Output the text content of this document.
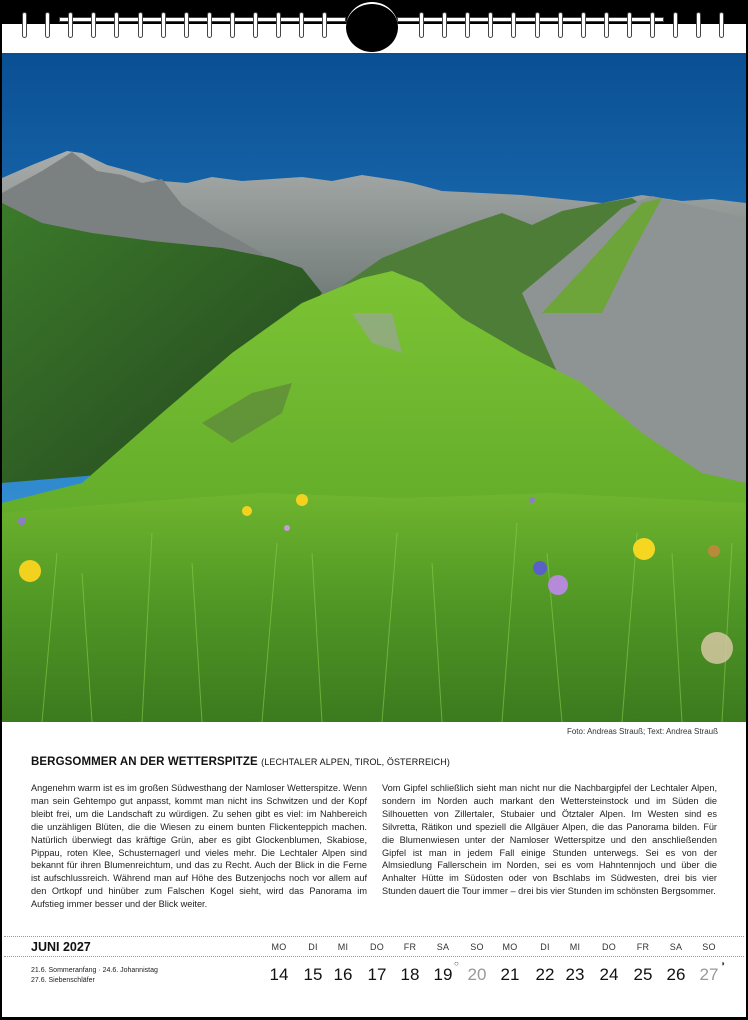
Foto: Andreas Strauß; Text: Andrea Strauß
BERGSOMMER AN DER WETTERSPITZE (LECHTALER ALPEN, TIROL, ÖSTERREICH)

Angenehm warm ist es im großen Südwesthang der Namloser Wetterspitze. Wenn man sein Gehtempo gut anpasst, kommt man nicht ins Schwitzen und der Kopf bleibt frei, um die Landschaft zu würdigen. Zu sehen gibt es viel: im Nahbereich die unzähligen Blüten, die die Wiesen zu einem bunten Flickenteppich machen. Natürlich überwiegt das kräftige Grün, aber es gibt Glockenblumen, Skabiose, Pippau, roten Klee, Schusternagerl und vieles mehr. Die Lechtaler Alpen sind bekannt für ihren Blumenreichtum, und das zu Recht. Auch der Blick in die Ferne ist aufschlussreich. Während man auf Höhe des Butzenjochs noch vor allem auf den Ortkopf und hinüber zum Falschen Kogel sieht, wird das Panorama im Aufstieg immer besser und der Blick weiter.

Vom Gipfel schließlich sieht man nicht nur die Nachbargipfel der Lechtaler Alpen, sondern im Norden auch markant den Wettersteinstock und im Süden die Silhouetten von Zillertaler, Stubaier und Ötztaler Alpen. Im Westen sind es Silvretta, Rätikon und speziell die Allgäuer Alpen, die das Panorama bilden. Für die Blumenwiesen unter der Namloser Wetterspitze und den anschließenden Gipfel ist man in jedem Fall einige Stunden unterwegs. Sei es von der Almsiedlung Fallerschein im Norden, sei es vom Hahntennjoch und über die Anhalter Hütte im Südosten oder von Bschlabs im Südwesten, drei bis vier Stunden dauert die Tour immer – drei bis vier Stunden im schönsten Bergsommer.

JUNI 2027
21.6. Sommeranfang · 24.6. Johannistag
27.6. Siebenschläfer
MO
14
DI
15
MI
16
DO
17
FR
18
SA
19
○
SO
20
MO
21
DI
22
MI
23
DO
24
FR
25
SA
26
SO
27
◑
